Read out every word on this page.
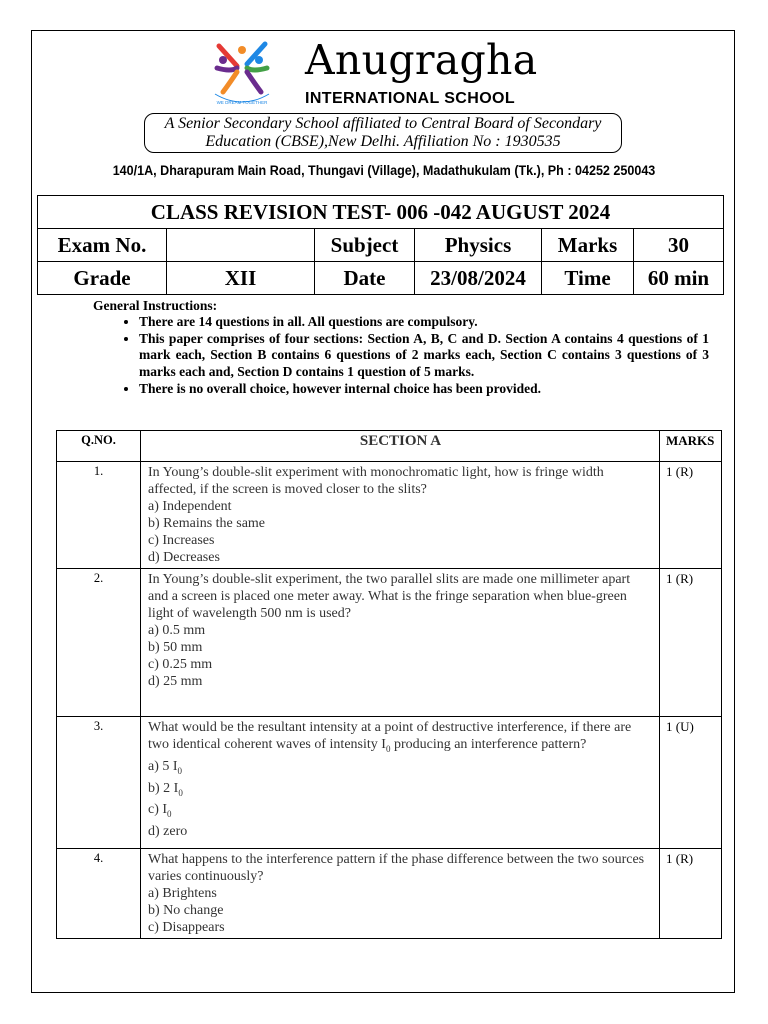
WE DREAM TOGETHER
Anugragha
INTERNATIONAL SCHOOL
A Senior Secondary School affiliated to Central Board of Secondary Education (CBSE),New Delhi. Affiliation No : 1930535
140/1A, Dharapuram Main Road, Thungavi (Village), Madathukulam (Tk.), Ph : 04252 250043
CLASS REVISION TEST- 006 -042 AUGUST 2024					
Exam No.		Subject	Physics	Marks	30
Grade	XII	Date	23/08/2024	Time	60 min
General Instructions:
• There are 14 questions in all. All questions are compulsory.
• This paper comprises of four sections: Section A, B, C and D. Section A contains 4 questions of 1 mark each, Section B contains 6 questions of 2 marks each, Section C contains 3 questions of 3 marks each and, Section D contains 1 question of 5 marks.
• There is no overall choice, however internal choice has been provided.
Q.NO.	SECTION A	MARKS
1.	In Young’s double-slit experiment with monochromatic light, how is fringe width affected, if the screen is moved closer to the slits?
a) Independent
b) Remains the same
c) Increases
d) Decreases	1 (R)
2.	In Young’s double-slit experiment, the two parallel slits are made one millimeter apart and a screen is placed one meter away. What is the fringe separation when blue-green light of wavelength 500 nm is used?
a) 0.5 mm
b) 50 mm
c) 0.25 mm
d) 25 mm	1 (R)
3.	What would be the resultant intensity at a point of destructive interference, if there are two identical coherent waves of intensity $I_0$ producing an interference pattern?
a) 5 $I_0$
b) 2 $I_0$
c) $I_0$
d) zero	1 (U)
4.	What happens to the interference pattern if the phase difference between the two sources varies continuously?
a) Brightens
b) No change
c) Disappears	1 (R)
